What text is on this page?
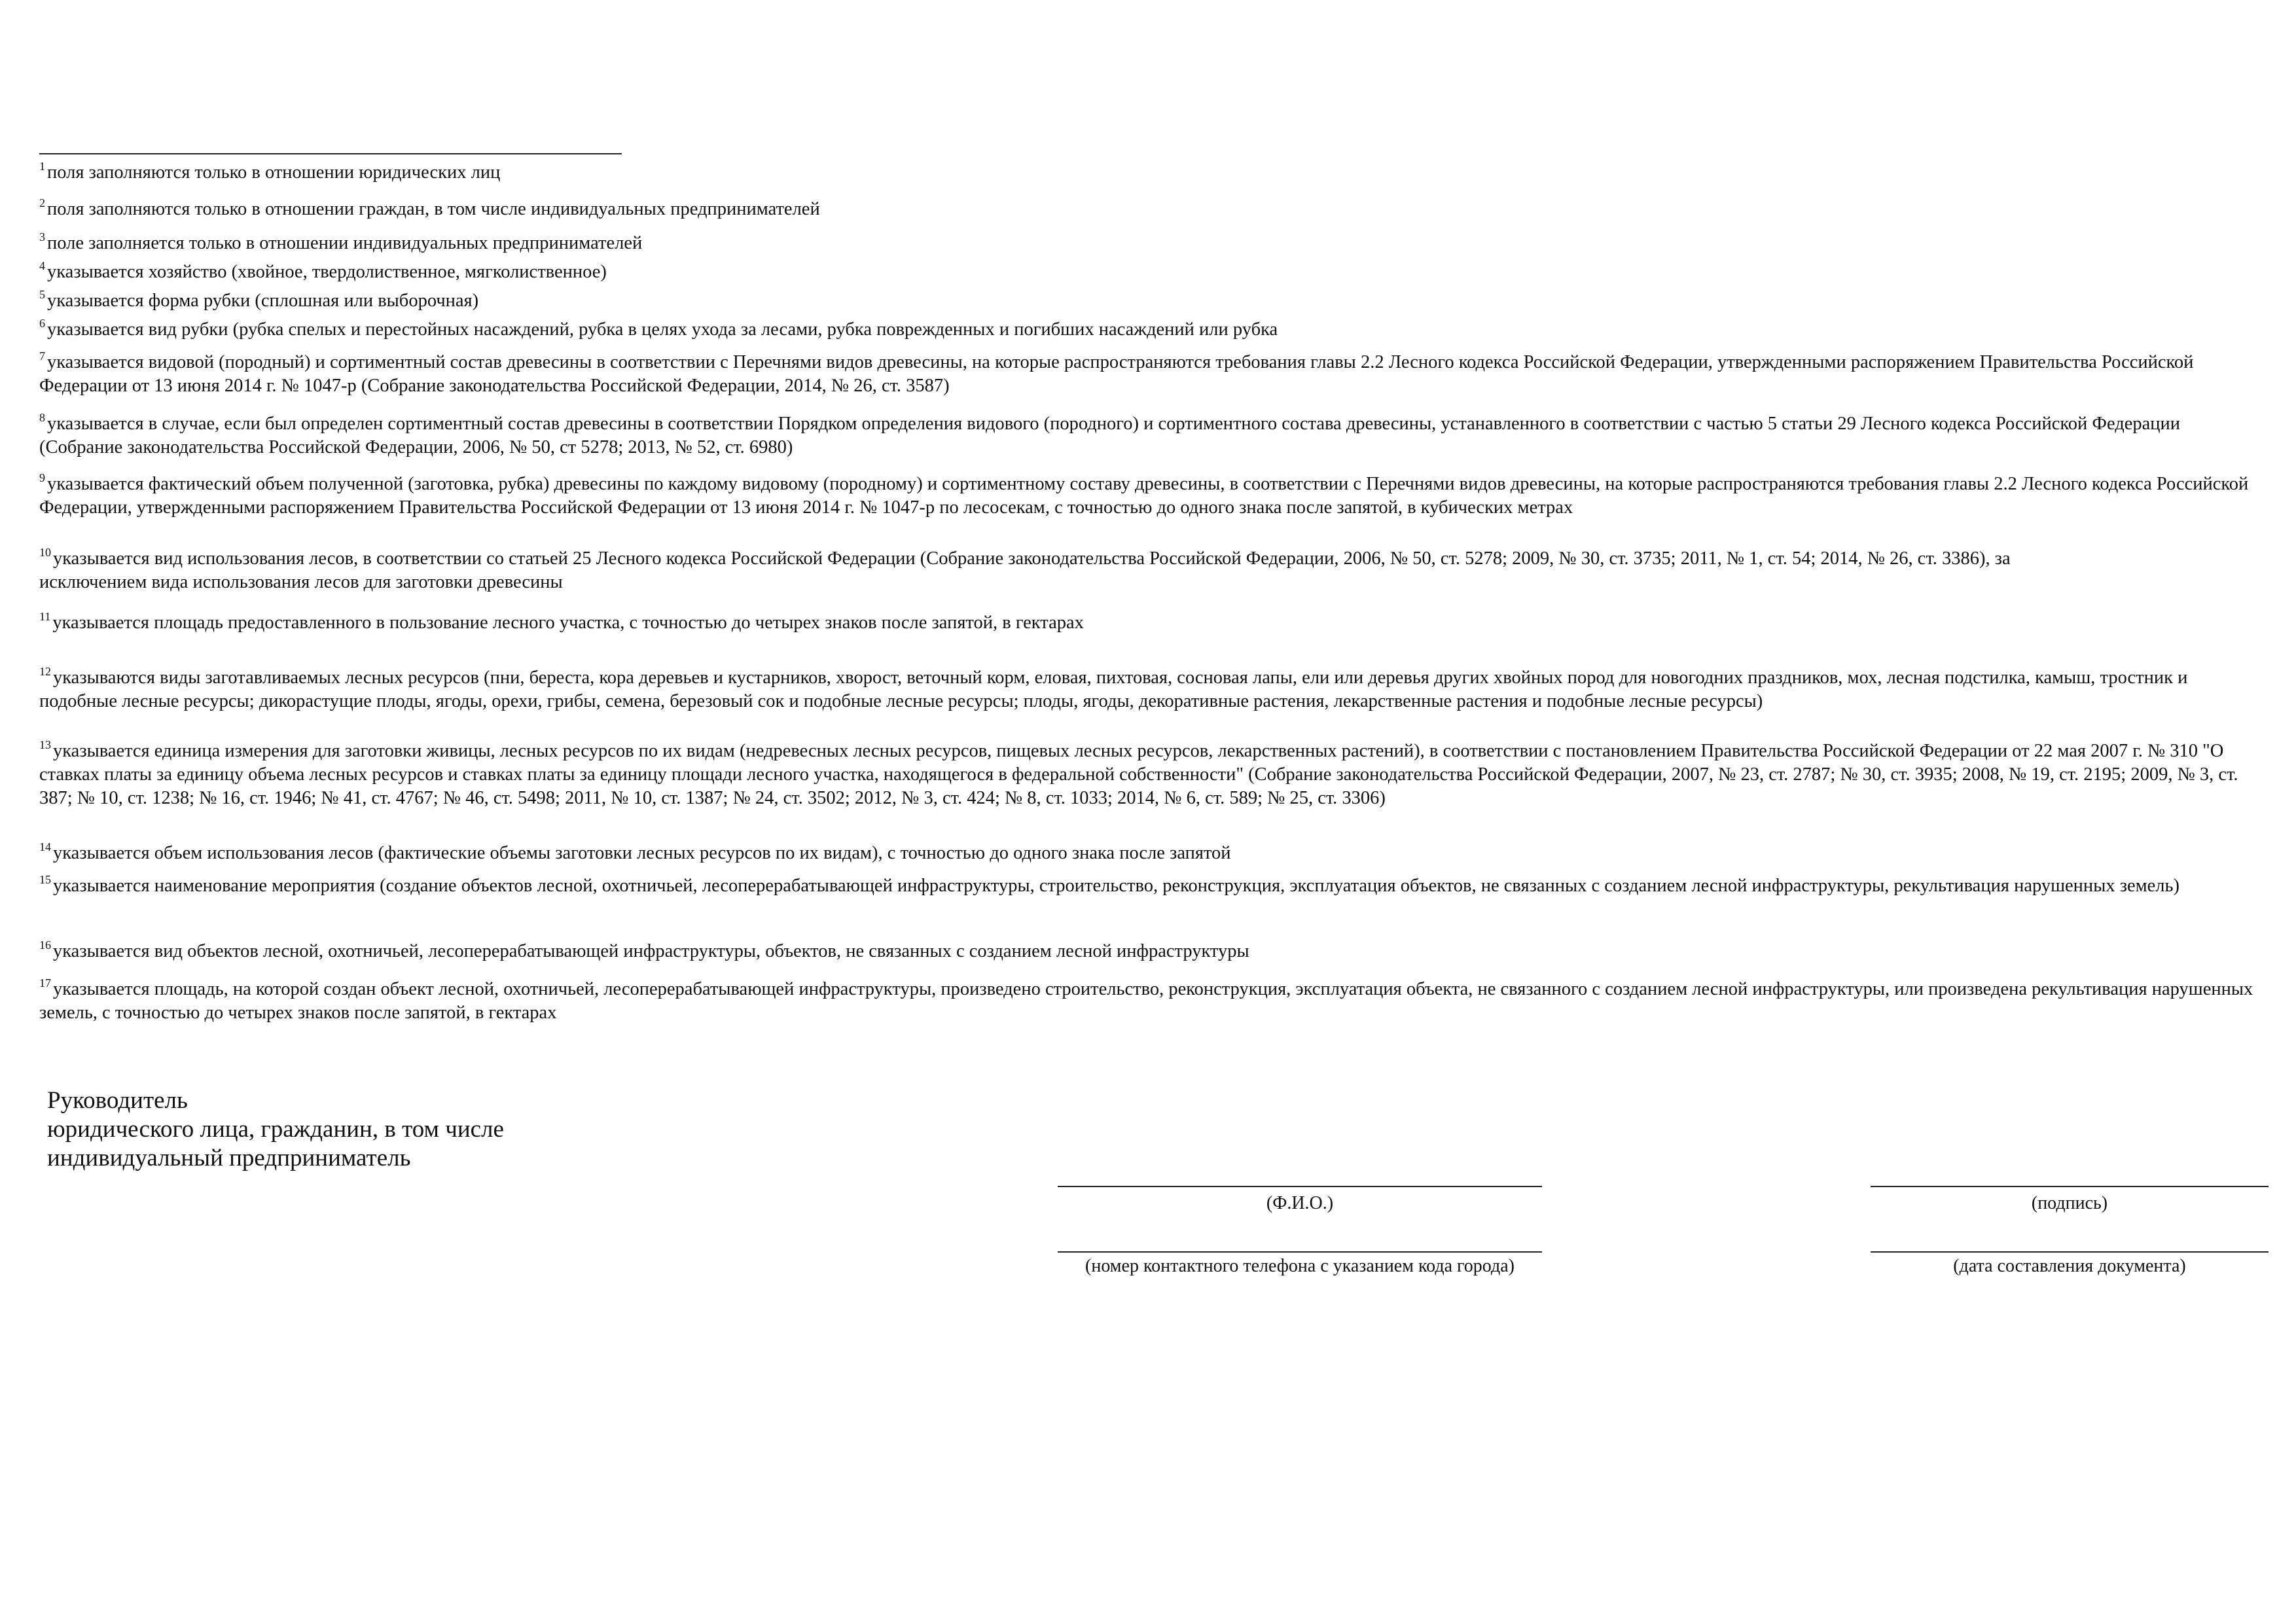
$^1$ поля заполняются только в отношении юридических лиц
$^2$ поля заполняются только в отношении граждан, в том числе индивидуальных предпринимателей
$^3$ поле заполняется только в отношении индивидуальных предпринимателей
$^4$ указывается хозяйство (хвойное, твердолиственное, мягколиственное)
$^5$ указывается форма рубки (сплошная или выборочная)
$^6$ указывается вид рубки (рубка спелых и перестойных насаждений, рубка в целях ухода за лесами, рубка поврежденных и погибших насаждений или рубка
$^7$ указывается видовой (породный) и сортиментный состав древесины в соответствии с Перечнями видов древесины, на которые распространяются требования главы 2.2 Лесного кодекса Российской Федерации, утвержденными распоряжением Правительства Российской Федерации от 13 июня 2014 г. № 1047-р (Собрание законодательства Российской Федерации, 2014, № 26, ст. 3587)
$^8$ указывается в случае, если был определен сортиментный состав древесины в соответствии Порядком определения видового (породного) и сортиментного состава древесины, устанавленного в соответствии с частью 5 статьи 29 Лесного кодекса Российской Федерации (Собрание законодательства Российской Федерации, 2006, № 50, ст 5278; 2013, № 52, ст. 6980)
$^9$ указывается фактический объем полученной (заготовка, рубка) древесины по каждому видовому (породному) и сортиментному составу древесины, в соответствии с Перечнями видов древесины, на которые распространяются требования главы 2.2 Лесного кодекса Российской Федерации, утвержденными распоряжением Правительства Российской Федерации от 13 июня 2014 г. № 1047-р по лесосекам, с точностью до одного знака после запятой, в кубических метрах
$^{10}$ указывается вид использования лесов, в соответствии со статьей 25 Лесного кодекса Российской Федерации (Собрание законодательства Российской Федерации, 2006, № 50, ст. 5278; 2009, № 30, ст. 3735; 2011, № 1, ст. 54; 2014, № 26, ст. 3386), за исключением вида использования лесов для заготовки древесины
$^{11}$ указывается площадь предоставленного в пользование лесного участка, с точностью до четырех знаков после запятой, в гектарах
$^{12}$ указываются виды заготавливаемых лесных ресурсов (пни, береста, кора деревьев и кустарников, хворост, веточный корм, еловая, пихтовая, сосновая лапы, ели или деревья других хвойных пород для новогодних праздников, мох, лесная подстилка, камыш, тростник и подобные лесные ресурсы; дикорастущие плоды, ягоды, орехи, грибы, семена, березовый сок и подобные лесные ресурсы; плоды, ягоды, декоративные растения, лекарственные растения и подобные лесные ресурсы)
$^{13}$ указывается единица измерения для заготовки живицы, лесных ресурсов по их видам (недревесных лесных ресурсов, пищевых лесных ресурсов, лекарственных растений), в соответствии с постановлением Правительства Российской Федерации от 22 мая 2007 г. № 310 "О ставках платы за единицу объема лесных ресурсов и ставках платы за единицу площади лесного участка, находящегося в федеральной собственности" (Собрание законодательства Российской Федерации, 2007, № 23, ст. 2787; № 30, ст. 3935; 2008, № 19, ст. 2195; 2009, № 3, ст. 387; № 10, ст. 1238; № 16, ст. 1946; № 41, ст. 4767; № 46, ст. 5498; 2011, № 10, ст. 1387; № 24, ст. 3502; 2012, № 3, ст. 424; № 8, ст. 1033; 2014, № 6, ст. 589; № 25, ст. 3306)
$^{14}$ указывается объем использования лесов (фактические объемы заготовки лесных ресурсов по их видам), с точностью до одного знака после запятой
$^{15}$ указывается наименование мероприятия (создание объектов лесной, охотничьей, лесоперерабатывающей инфраструктуры, строительство, реконструкция, эксплуатация объектов, не связанных с созданием лесной инфраструктуры, рекультивация нарушенных земель)
$^{16}$ указывается вид объектов лесной, охотничьей, лесоперерабатывающей инфраструктуры, объектов, не связанных с созданием лесной инфраструктуры
$^{17}$ указывается площадь, на которой создан объект лесной, охотничьей, лесоперерабатывающей инфраструктуры, произведено строительство, реконструкция, эксплуатация объекта, не связанного с созданием лесной инфраструктуры, или произведена рекультивация нарушенных земель, с точностью до четырех знаков после запятой, в гектарах
Руководитель
юридического лица, гражданин, в том числе
индивидуальный предприниматель
(Ф.И.О.)	(подпись)
(номер контактного телефона с указанием кода города)	(дата составления документа)
